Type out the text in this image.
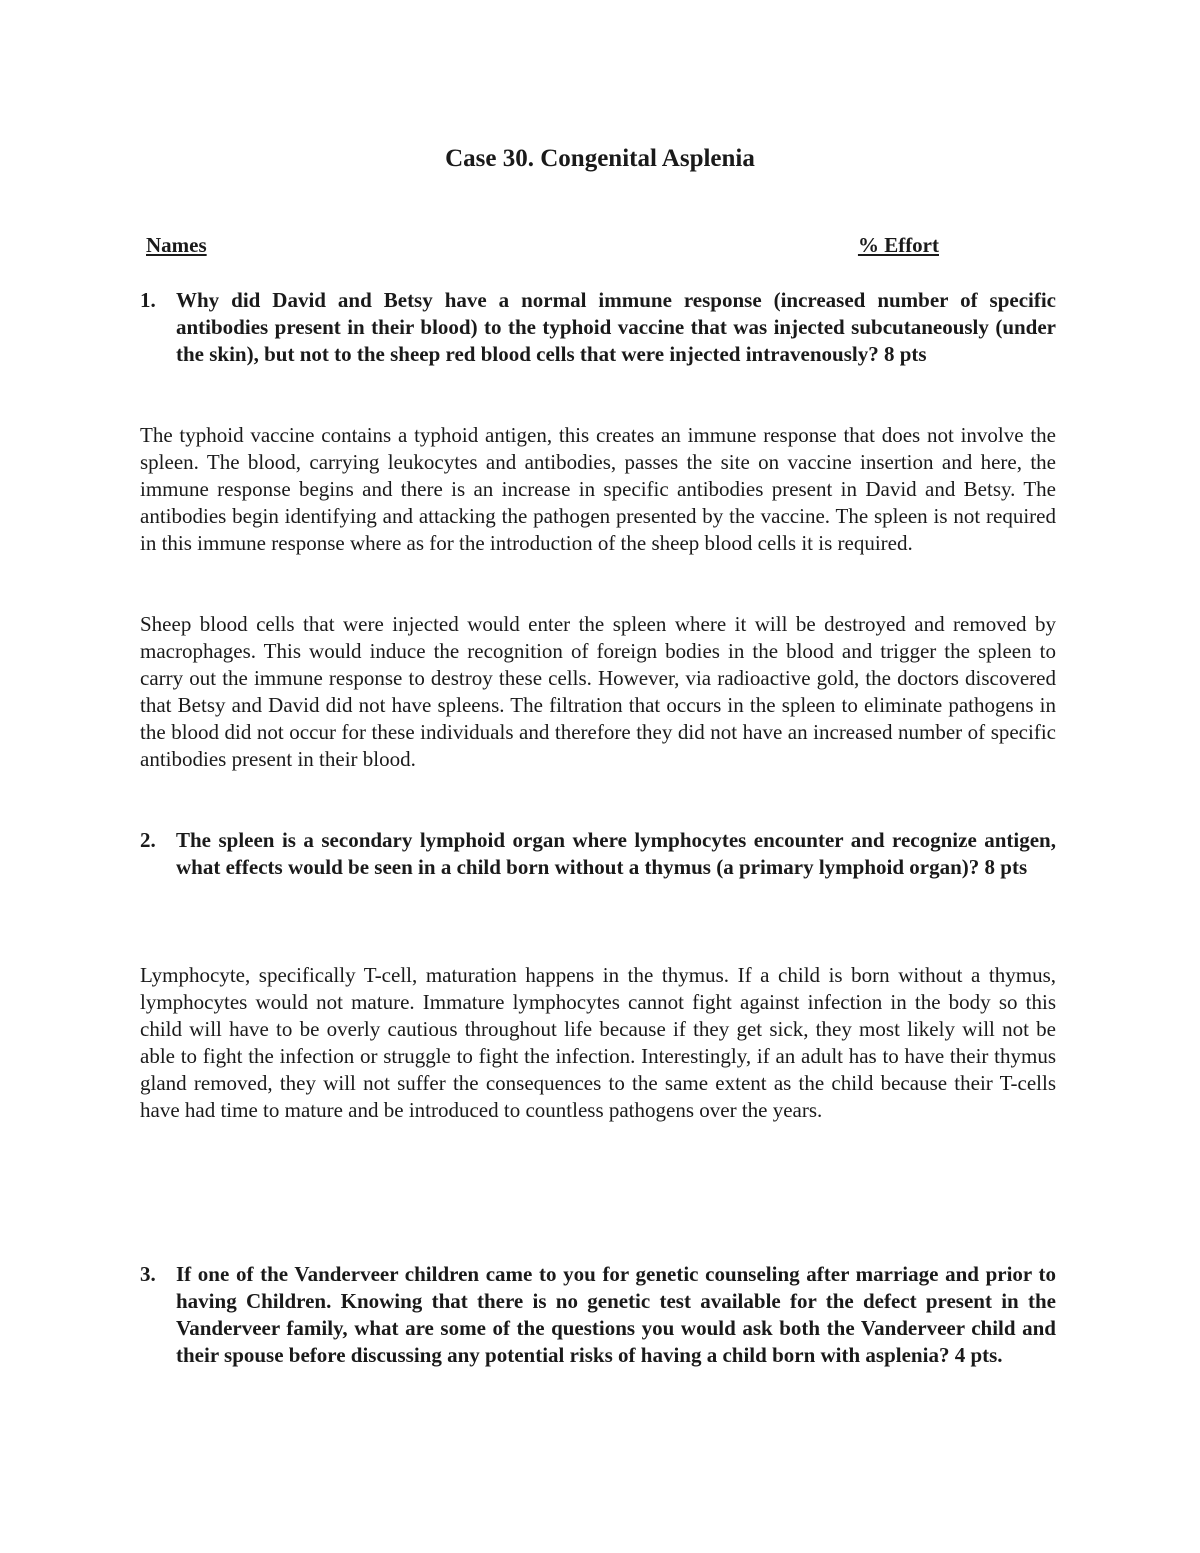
Case 30. Congenital Asplenia
Names	% Effort
1. Why did David and Betsy have a normal immune response (increased number of specific antibodies present in their blood) to the typhoid vaccine that was injected subcutaneously (under the skin), but not to the sheep red blood cells that were injected intravenously? 8 pts

The typhoid vaccine contains a typhoid antigen, this creates an immune response that does not involve the spleen. The blood, carrying leukocytes and antibodies, passes the site on vaccine insertion and here, the immune response begins and there is an increase in specific antibodies present in David and Betsy. The antibodies begin identifying and attacking the pathogen presented by the vaccine. The spleen is not required in this immune response where as for the introduction of the sheep blood cells it is required.

Sheep blood cells that were injected would enter the spleen where it will be destroyed and removed by macrophages. This would induce the recognition of foreign bodies in the blood and trigger the spleen to carry out the immune response to destroy these cells. However, via radioactive gold, the doctors discovered that Betsy and David did not have spleens. The filtration that occurs in the spleen to eliminate pathogens in the blood did not occur for these individuals and therefore they did not have an increased number of specific antibodies present in their blood.

2. The spleen is a secondary lymphoid organ where lymphocytes encounter and recognize antigen, what effects would be seen in a child born without a thymus (a primary lymphoid organ)? 8 pts

Lymphocyte, specifically T-cell, maturation happens in the thymus. If a child is born without a thymus, lymphocytes would not mature. Immature lymphocytes cannot fight against infection in the body so this child will have to be overly cautious throughout life because if they get sick, they most likely will not be able to fight the infection or struggle to fight the infection. Interestingly, if an adult has to have their thymus gland removed, they will not suffer the consequences to the same extent as the child because their T-cells have had time to mature and be introduced to countless pathogens over the years.

3. If one of the Vanderveer children came to you for genetic counseling after marriage and prior to having Children. Knowing that there is no genetic test available for the defect present in the Vanderveer family, what are some of the questions you would ask both the Vanderveer child and their spouse before discussing any potential risks of having a child born with asplenia? 4 pts.
